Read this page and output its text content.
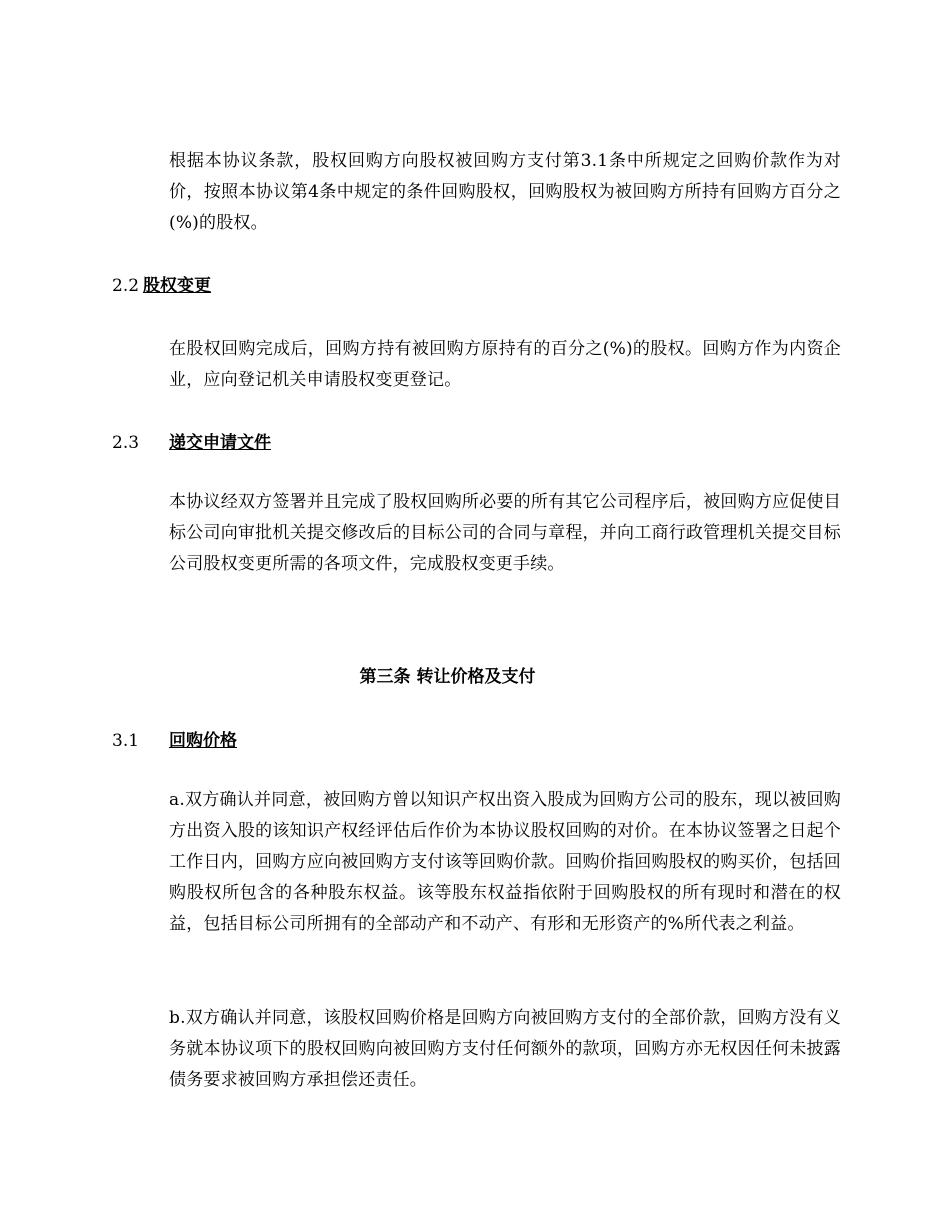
根据本协议条款，股权回购方向股权被回购方支付第3.1条中所规定之回购价款作为对价，按照本协议第4条中规定的条件回购股权，回购股权为被回购方所持有回购方百分之(%)的股权。

2.2 股权变更

在股权回购完成后，回购方持有被回购方原持有的百分之(%)的股权。回购方作为内资企业，应向登记机关申请股权变更登记。

2.3 递交申请文件

本协议经双方签署并且完成了股权回购所必要的所有其它公司程序后，被回购方应促使目标公司向审批机关提交修改后的目标公司的合同与章程，并向工商行政管理机关提交目标公司股权变更所需的各项文件，完成股权变更手续。

第三条 转让价格及支付

3.1 回购价格

a.双方确认并同意，被回购方曾以知识产权出资入股成为回购方公司的股东，现以被回购方出资入股的该知识产权经评估后作价为本协议股权回购的对价。在本协议签署之日起个工作日内，回购方应向被回购方支付该等回购价款。回购价指回购股权的购买价，包括回购股权所包含的各种股东权益。该等股东权益指依附于回购股权的所有现时和潜在的权益，包括目标公司所拥有的全部动产和不动产、有形和无形资产的%所代表之利益。

b.双方确认并同意，该股权回购价格是回购方向被回购方支付的全部价款，回购方没有义务就本协议项下的股权回购向被回购方支付任何额外的款项，回购方亦无权因任何未披露债务要求被回购方承担偿还责任。
